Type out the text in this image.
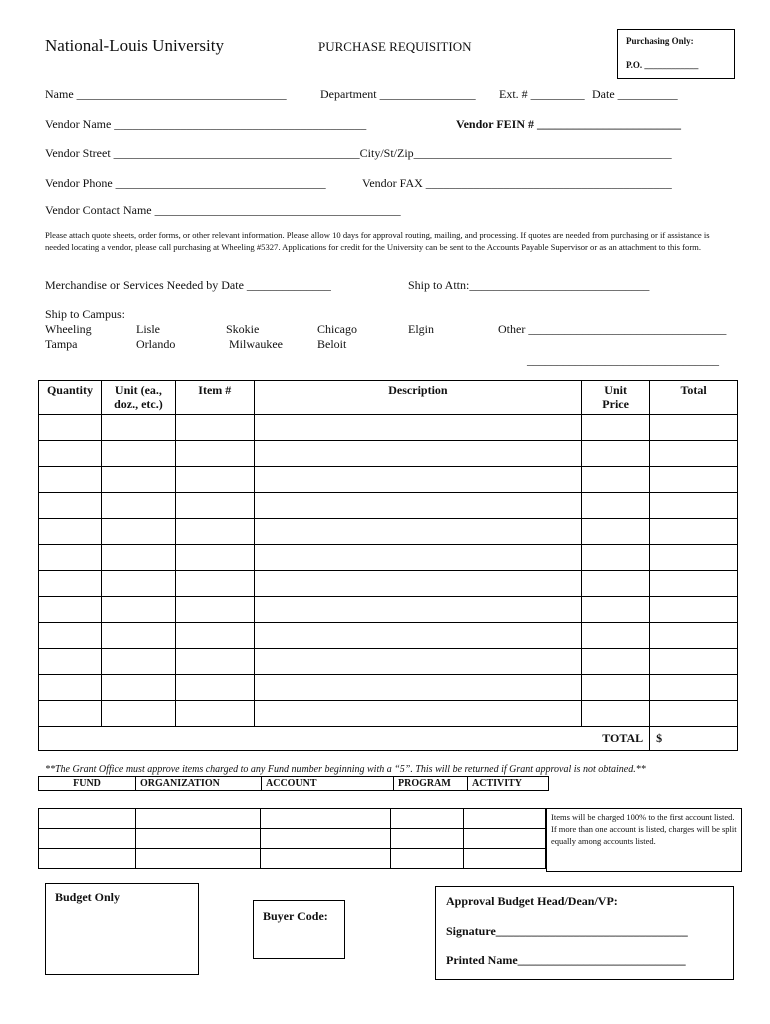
National-Louis University	PURCHASE REQUISITION	Purchasing Only:
P.O. ____________
Name ___________________________________	Department ________________ Ext. # _________ Date __________
Vendor Name __________________________________________	Vendor FEIN # ________________________
Vendor Street _________________________________________City/St/Zip___________________________________________
Vendor Phone ___________________________________	Vendor FAX _________________________________________
Vendor Contact Name _________________________________________
Please attach quote sheets, order forms, or other relevant information. Please allow 10 days for approval routing, mailing, and processing. If quotes are needed from purchasing or if assistance is needed locating a vendor, please call purchasing at Wheeling #5327. Applications for credit for the University can be sent to the Accounts Payable Supervisor or as an attachment to this form.
Merchandise or Services Needed by Date ______________	Ship to Attn:______________________________
Ship to Campus:
Wheeling	Lisle	Skokie	Chicago	Elgin	Other _________________________________
Tampa	Orlando	Milwaukee	Beloit
________________________________
Quantity	Unit (ea., doz., etc.)	Item #	Description	Unit Price	Total

TOTAL					$
**The Grant Office must approve items charged to any Fund number beginning with a “5”. This will be returned if Grant approval is not obtained.**
FUND	ORGANIZATION	ACCOUNT	PROGRAM	ACTIVITY

Items will be charged 100% to the first account listed. If more than one account is listed, charges will be split equally among accounts listed.
Budget Only
Buyer Code:
Approval Budget Head/Dean/VP:
Signature________________________________
Printed Name____________________________
